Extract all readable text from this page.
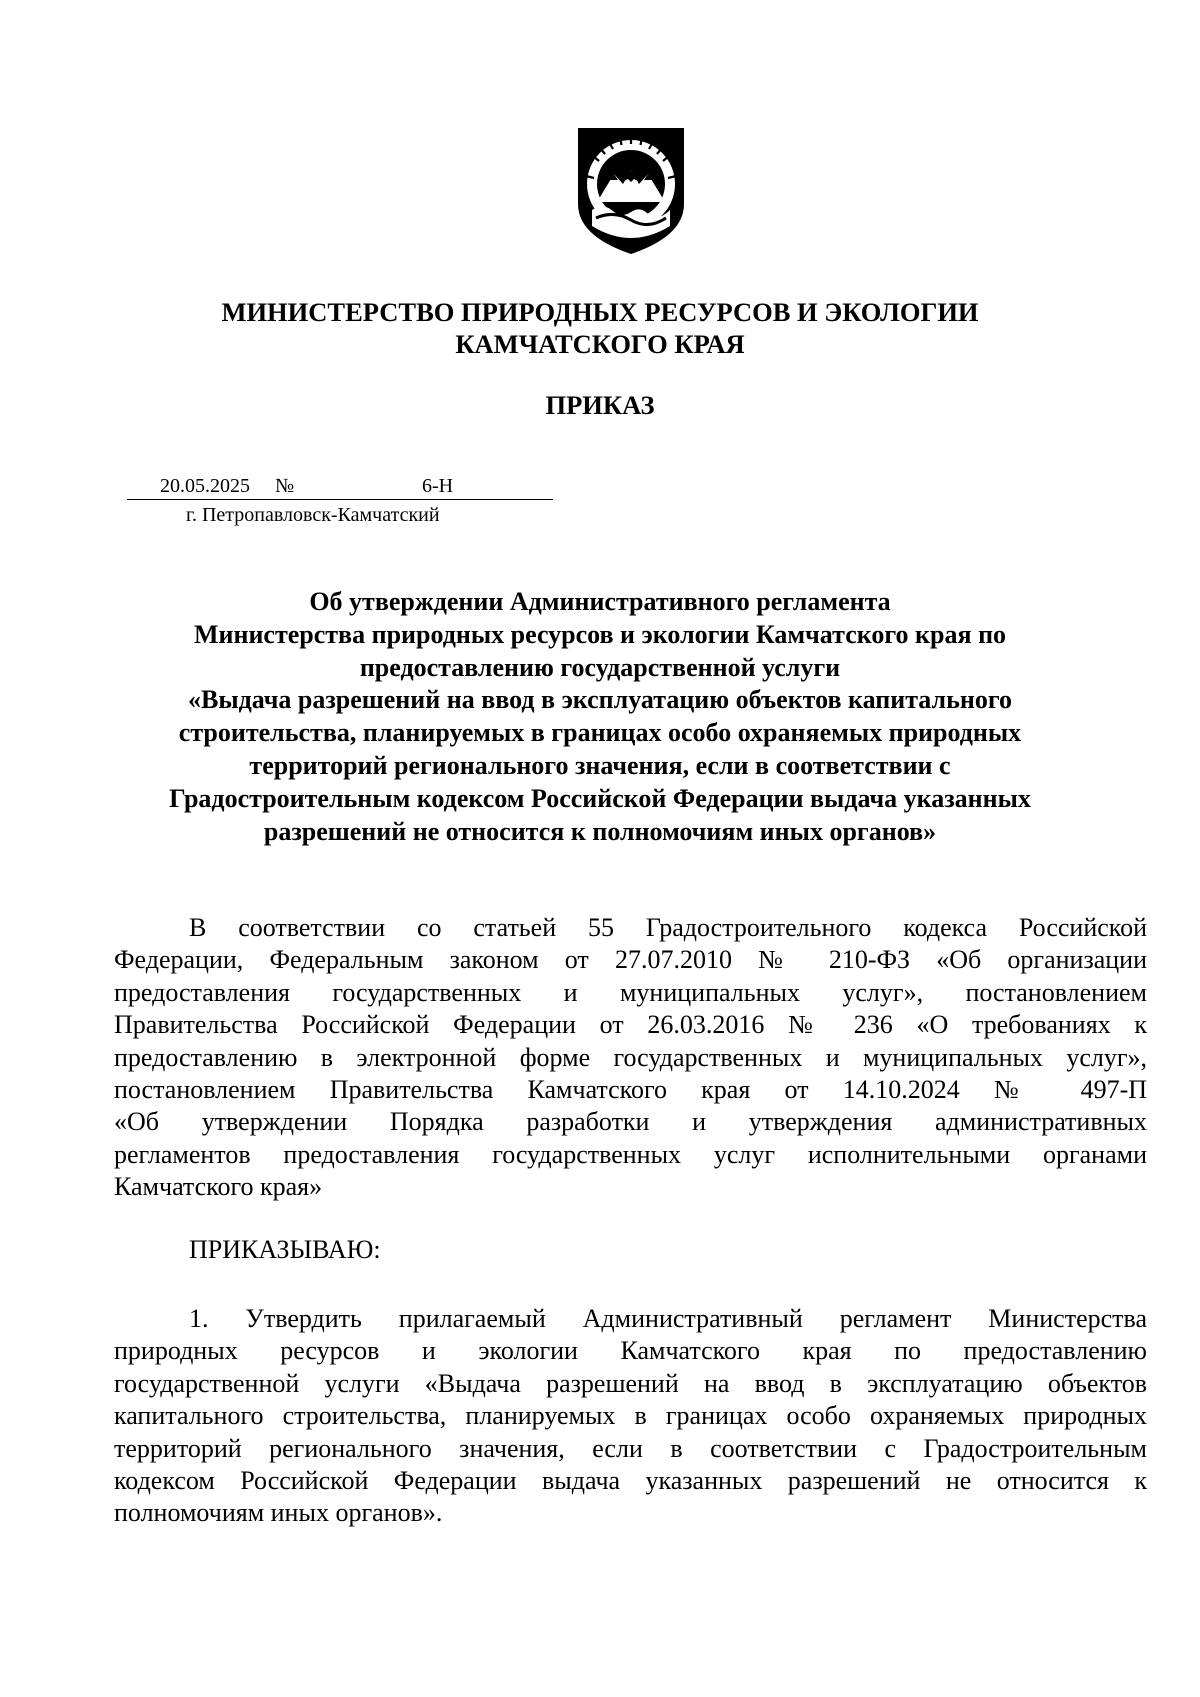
МИНИСТЕРСТВО ПРИРОДНЫХ РЕСУРСОВ И ЭКОЛОГИИ
КАМЧАТСКОГО КРАЯ
ПРИКАЗ
20.05.2025 №	6-Н
г. Петропавловск-Камчатский
Об утверждении Административного регламента
Министерства природных ресурсов и экологии Камчатского края по
предоставлению государственной услуги
«Выдача разрешений на ввод в эксплуатацию объектов капитального
строительства, планируемых в границах особо охраняемых природных
территорий регионального значения, если в соответствии с
Градостроительным кодексом Российской Федерации выдача указанных
разрешений не относится к полномочиям иных органов»
В соответствии со статьей 55 Градостроительного кодекса Российской
Федерации, Федеральным законом от 27.07.2010 № 210-ФЗ «Об организации
предоставления государственных и муниципальных услуг», постановлением
Правительства Российской Федерации от 26.03.2016 № 236 «О требованиях к
предоставлению в электронной форме государственных и муниципальных услуг»,
постановлением Правительства Камчатского края от 14.10.2024 № 497-П
«Об утверждении Порядка разработки и утверждения административных
регламентов предоставления государственных услуг исполнительными органами
Камчатского края»
ПРИКАЗЫВАЮ:
1. Утвердить прилагаемый Административный регламент Министерства
природных ресурсов и экологии Камчатского края по предоставлению
государственной услуги «Выдача разрешений на ввод в эксплуатацию объектов
капитального строительства, планируемых в границах особо охраняемых природных
территорий регионального значения, если в соответствии с Градостроительным
кодексом Российской Федерации выдача указанных разрешений не относится к
полномочиям иных органов».
